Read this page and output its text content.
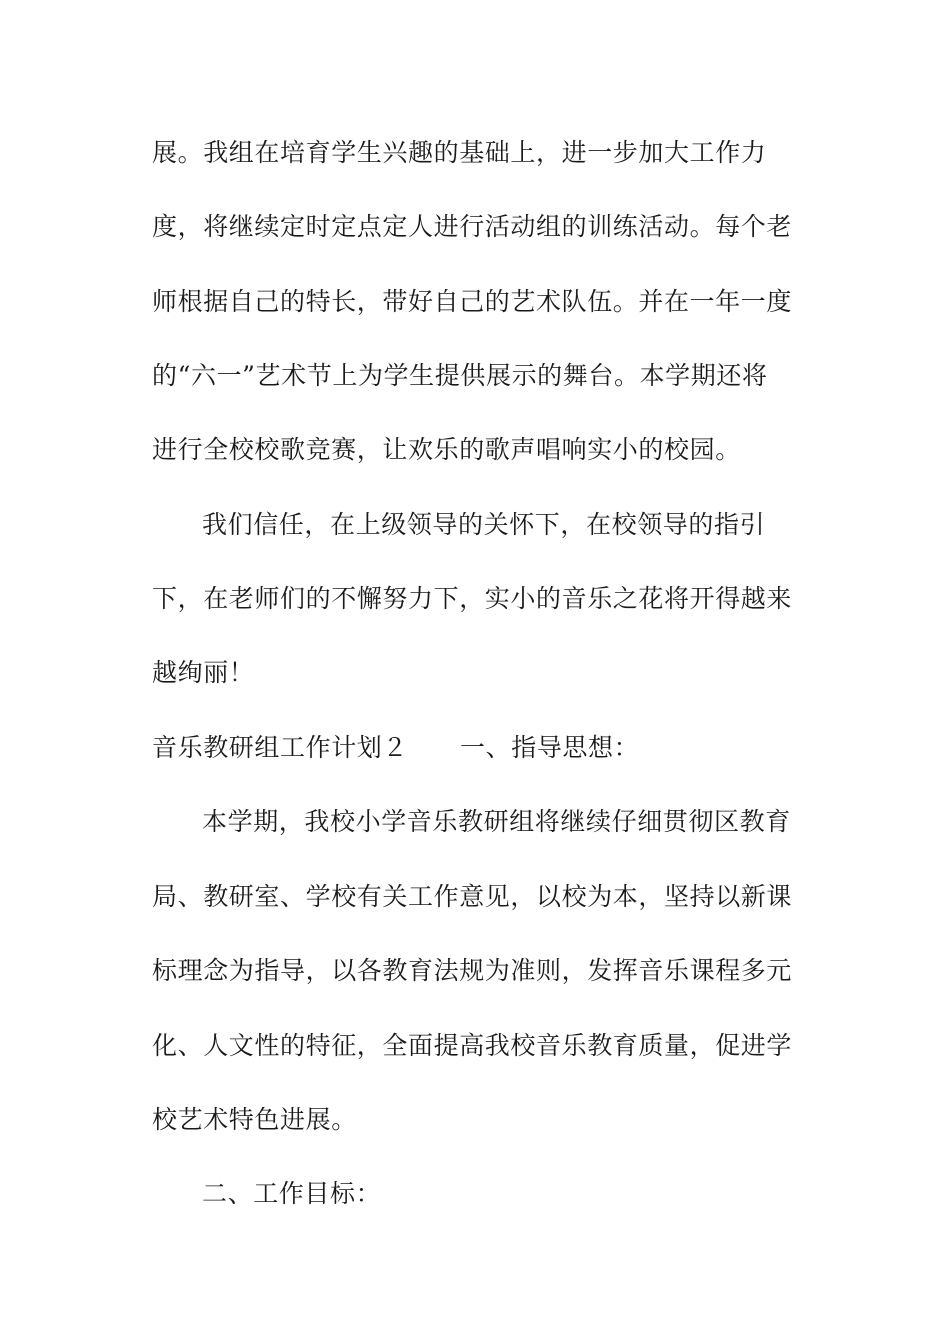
展。我组在培育学生兴趣的基础上，进一步加大工作力
度，将继续定时定点定人进行活动组的训练活动。每个老
师根据自己的特长，带好自己的艺术队伍。并在一年一度
的“六一”艺术节上为学生提供展示的舞台。本学期还将
进行全校校歌竞赛，让欢乐的歌声唱响实小的校园。
我们信任，在上级领导的关怀下，在校领导的指引
下，在老师们的不懈努力下，实小的音乐之花将开得越来
越绚丽！
音乐教研组工作计划２ 一、指导思想：
本学期，我校小学音乐教研组将继续仔细贯彻区教育
局、教研室、学校有关工作意见，以校为本，坚持以新课
标理念为指导，以各教育法规为准则，发挥音乐课程多元
化、人文性的特征，全面提高我校音乐教育质量，促进学
校艺术特色进展。
二、工作目标：
